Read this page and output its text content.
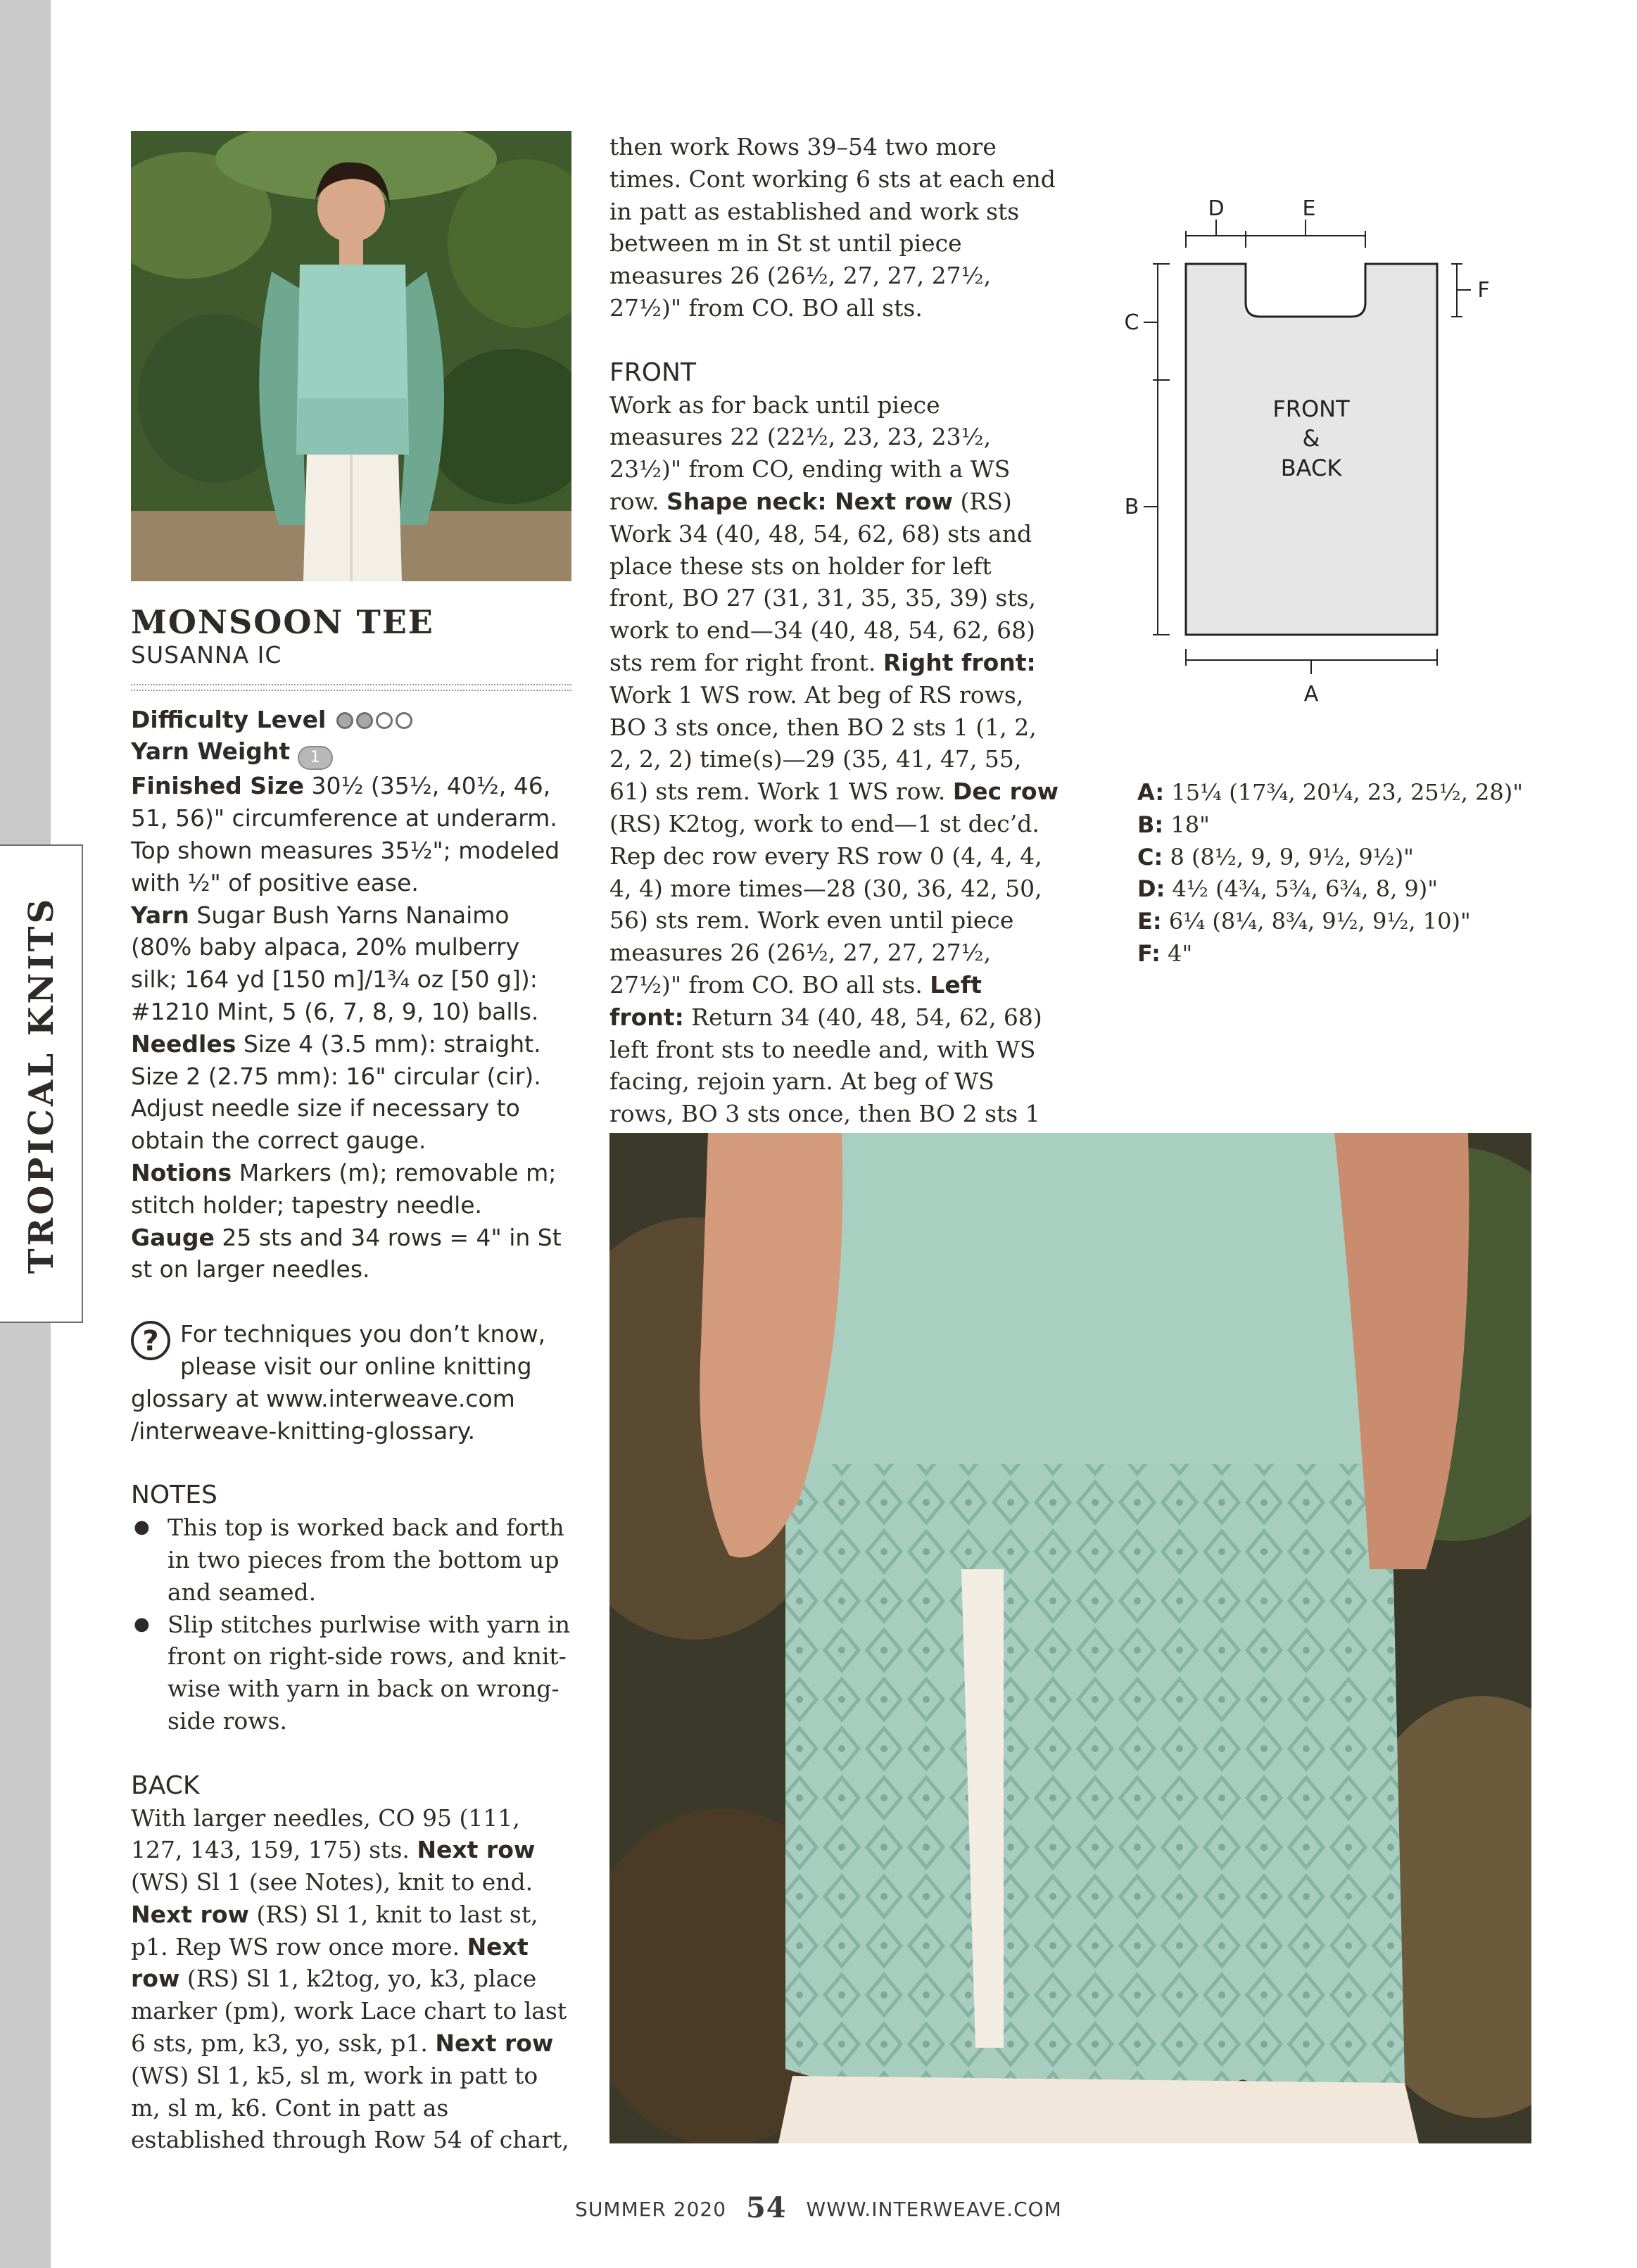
TROPICAL KNITS
MONSOON TEE
SUSANNA IC
Difficulty Level
Yarn Weight 1

Finished Size 30½ (35½, 40½, 46, 51, 56)" circumference at underarm. Top shown measures 35½"; modeled with ½" of positive ease.

Yarn Sugar Bush Yarns Nanaimo (80% baby alpaca, 20% mulberry silk; 164 yd [150 m]/1¾ oz [50 g]): #1210 Mint, 5 (6, 7, 8, 9, 10) balls.

Needles Size 4 (3.5 mm): straight. Size 2 (2.75 mm): 16" circular (cir). Adjust needle size if necessary to obtain the correct gauge.

Notions Markers (m); removable m; stitch holder; tapestry needle.

Gauge 25 sts and 34 rows = 4" in St st on larger needles.

? For techniques you don’t know, please visit our online knitting glossary at www.interweave.com /interweave-knitting-glossary.
NOTES
● This top is worked back and forth in two pieces from the bottom up and seamed.
● Slip stitches purlwise with yarn in front on right-side rows, and knit-wise with yarn in back on wrong-side rows.
BACK

With larger needles, CO 95 (111, 127, 143, 159, 175) sts. Next row (WS) Sl 1 (see Notes), knit to end. Next row (RS) Sl 1, knit to last st, p1. Rep WS row once more. Next row (RS) Sl 1, k2tog, yo, k3, place marker (pm), work Lace chart to last 6 sts, pm, k3, yo, ssk, p1. Next row (WS) Sl 1, k5, sl m, work in patt to m, sl m, k6. Cont in patt as established through Row 54 of chart,

then work Rows 39–54 two more times. Cont working 6 sts at each end in patt as established and work sts between m in St st until piece measures 26 (26½, 27, 27, 27½, 27½)" from CO. BO all sts.

FRONT

Work as for back until piece measures 22 (22½, 23, 23, 23½, 23½)" from CO, ending with a WS row. Shape neck: Next row (RS) Work 34 (40, 48, 54, 62, 68) sts and place these sts on holder for left front, BO 27 (31, 31, 35, 35, 39) sts, work to end—34 (40, 48, 54, 62, 68) sts rem for right front. Right front: Work 1 WS row. At beg of RS rows, BO 3 sts once, then BO 2 sts 1 (1, 2, 2, 2, 2) time(s)—29 (35, 41, 47, 55, 61) sts rem. Work 1 WS row. Dec row (RS) K2tog, work to end—1 st dec’d. Rep dec row every RS row 0 (4, 4, 4, 4, 4) more times—28 (30, 36, 42, 50, 56) sts rem. Work even until piece measures 26 (26½, 27, 27, 27½, 27½)" from CO. BO all sts. Left front: Return 34 (40, 48, 54, 62, 68) left front sts to needle and, with WS facing, rejoin yarn. At beg of WS rows, BO 3 sts once, then BO 2 sts 1

D	E
F
C
B
A
FRONT
&
BACK
A: 15¼ (17¾, 20¼, 23, 25½, 28)"
B: 18"
C: 8 (8½, 9, 9, 9½, 9½)"
D: 4½ (4¾, 5¾, 6¾, 8, 9)"
E: 6¼ (8¼, 8¾, 9½, 9½, 10)"
F: 4"
SUMMER 2020 54 WWW.INTERWEAVE.COM
